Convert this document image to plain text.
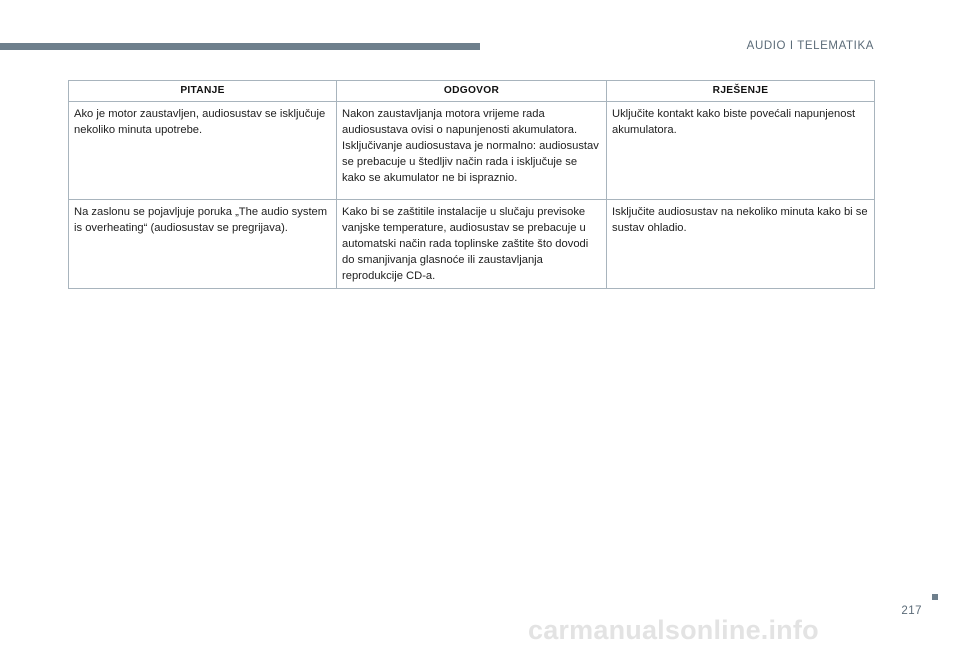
AUDIO I TELEMATIKA
PITANJE	ODGOVOR	RJEŠENJE
Ako je motor zaustavljen, audiosustav se isključuje nekoliko minuta upotrebe.	Nakon zaustavljanja motora vrijeme rada audiosustava ovisi o napunjenosti akumulatora. Isključivanje audiosustava je normalno: audiosustav se prebacuje u štedljiv način rada i isključuje se kako se akumulator ne bi ispraznio.	Uključite kontakt kako biste povećali napunjenost akumulatora.
Na zaslonu se pojavljuje poruka „The audio system is overheating“ (audiosustav se pregrijava).	Kako bi se zaštitile instalacije u slučaju previsoke vanjske temperature, audiosustav se prebacuje u automatski način rada toplinske zaštite što dovodi do smanjivanja glasnoće ili zaustavljanja reprodukcije CD-a.	Isključite audiosustav na nekoliko minuta kako bi se sustav ohladio.
217
carmanualsonline.info
